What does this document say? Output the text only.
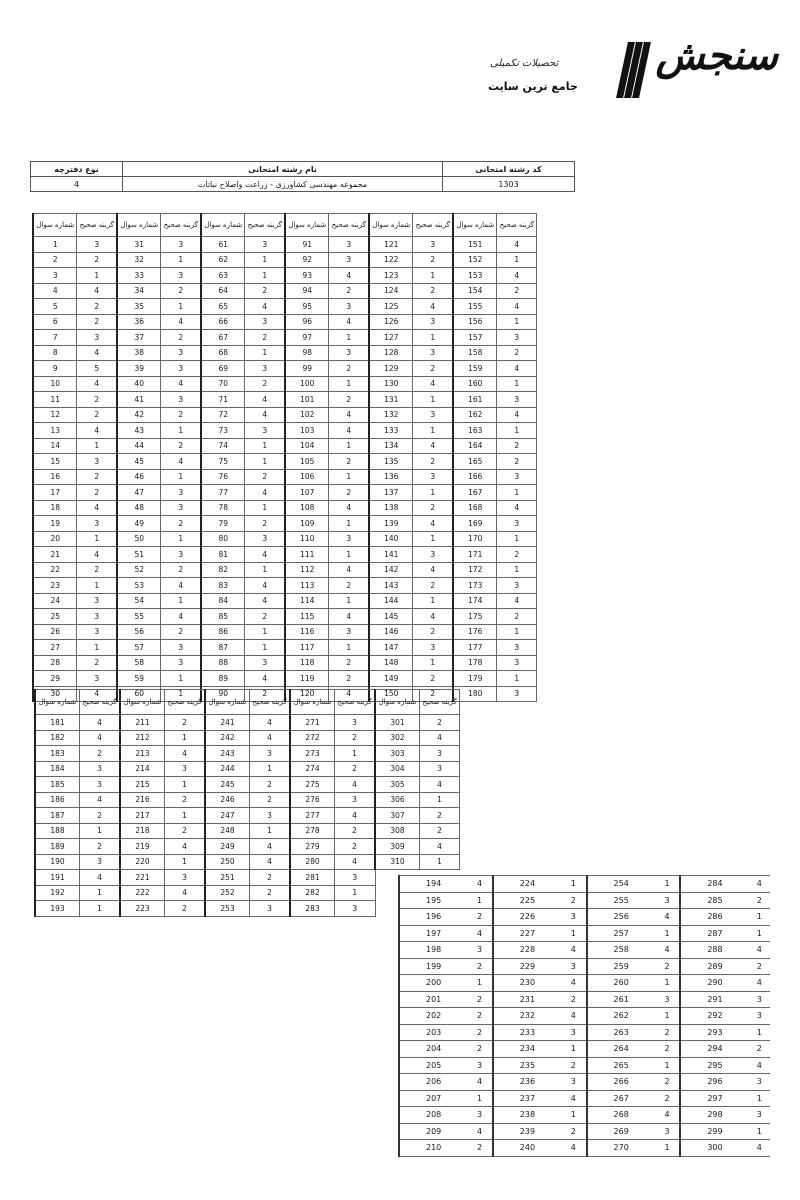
سنجش
جامع ترین سایت
تحصیلات تکمیلی
نوع دفترچه	نام رشته امتحانی	کد رشته امتحانی
4	مجموعه مهندسی کشاورزی - زراعت واصلاح نباتات	1303
شماره سوال	گزینه صحیح	شماره سوال	گزینه صحیح	شماره سوال	گزینه صحیح	شماره سوال	گزینه صحیح	شماره سوال	گزینه صحیح	شماره سوال	گزینه صحیح
1	3	31	3	61	3	91	3	121	3	151	4
2	2	32	1	62	1	92	3	122	2	152	1
3	1	33	3	63	1	93	4	123	1	153	4
4	4	34	2	64	2	94	2	124	2	154	2
5	2	35	1	65	4	95	3	125	4	155	4
6	2	36	4	66	3	96	4	126	3	156	1
7	3	37	2	67	2	97	1	127	1	157	3
8	4	38	3	68	1	98	3	128	3	158	2
9	5	39	3	69	3	99	2	129	2	159	4
10	4	40	4	70	2	100	1	130	4	160	1
11	2	41	3	71	4	101	2	131	1	161	3
12	2	42	2	72	4	102	4	132	3	162	4
13	4	43	1	73	3	103	4	133	1	163	1
14	1	44	2	74	1	104	1	134	4	164	2
15	3	45	4	75	1	105	2	135	2	165	2
16	2	46	1	76	2	106	1	136	3	166	3
17	2	47	3	77	4	107	2	137	1	167	1
18	4	48	3	78	1	108	4	138	2	168	4
19	3	49	2	79	2	109	1	139	4	169	3
20	1	50	1	80	3	110	3	140	1	170	1
21	4	51	3	81	4	111	1	141	3	171	2
22	2	52	2	82	1	112	4	142	4	172	1
23	1	53	4	83	4	113	2	143	2	173	3
24	3	54	1	84	4	114	1	144	1	174	4
25	3	55	4	85	2	115	4	145	4	175	2
26	3	56	2	86	1	116	3	146	2	176	1
27	1	57	3	87	1	117	1	147	3	177	3
28	2	58	3	88	3	118	2	148	1	178	3
29	3	59	1	89	4	119	2	149	2	179	1
30	4	60	1	90	2	120	4	150	2	180	3
شماره سوال	گزینه صحیح	شماره سوال	گزینه صحیح	شماره سوال	گزینه صحیح	شماره سوال	گزینه صحیح	شماره سوال	گزینه صحیح
181	4	211	2	241	4	271	3	301	2
182	4	212	1	242	4	272	2	302	4
183	2	213	4	243	3	273	1	303	3
184	3	214	3	244	1	274	2	304	3
185	3	215	1	245	2	275	4	305	4
186	4	216	2	246	2	276	3	306	1
187	2	217	1	247	3	277	4	307	2
188	1	218	2	248	1	278	2	308	2
189	2	219	4	249	4	279	2	309	4
190	3	220	1	250	4	280	4	310	1
191	4	221	3	251	2	281	3		
192	1	222	4	252	2	282	1		
193	1	223	2	253	3	283	3		
194	4	224	1	254	1	284	4
195	1	225	2	255	3	285	2
196	2	226	3	256	4	286	1
197	4	227	1	257	1	287	1
198	3	228	4	258	4	288	4
199	2	229	3	259	2	289	2
200	1	230	4	260	1	290	4
201	2	231	2	261	3	291	3
202	2	232	4	262	1	292	3
203	2	233	3	263	2	293	1
204	2	234	1	264	2	294	2
205	3	235	2	265	1	295	4
206	4	236	3	266	2	296	3
207	1	237	4	267	2	297	1
208	3	238	1	268	4	298	3
209	4	239	2	269	3	299	1
210	2	240	4	270	1	300	4
